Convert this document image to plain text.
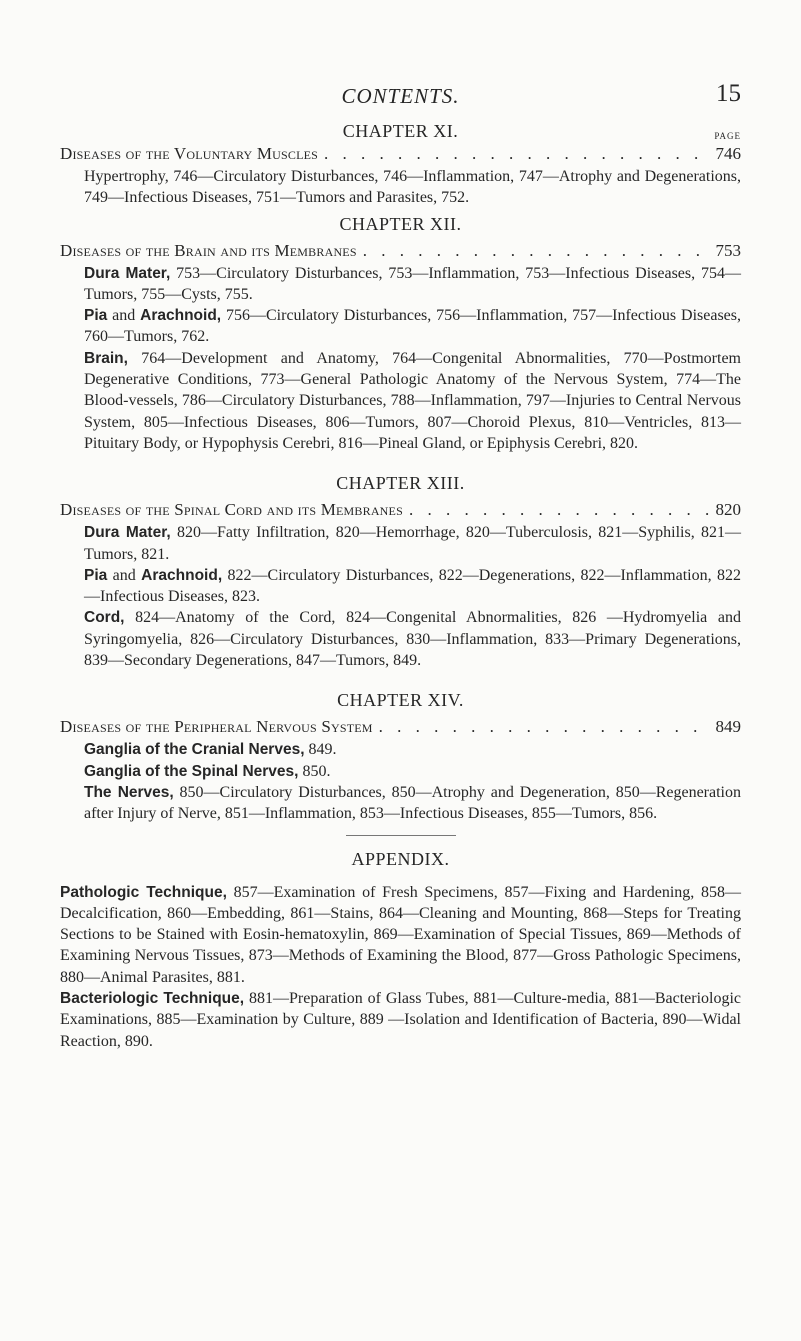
CONTENTS.	15

CHAPTER XI.	PAGE
Diseases of the Voluntary Muscles . . .	746

Hypertrophy, 746—Circulatory Disturbances, 746—Inflammation, 747—Atrophy and Degenerations, 749—Infectious Diseases, 751—Tumors and Parasites, 752.

CHAPTER XII.

Diseases of the Brain and its Membranes . . .	753

Dura Mater, 753—Circulatory Disturbances, 753—Inflammation, 753—Infectious Diseases, 754—Tumors, 755—Cysts, 755.

Pia and Arachnoid, 756—Circulatory Disturbances, 756—Inflammation, 757—Infectious Diseases, 760—Tumors, 762.

Brain, 764—Development and Anatomy, 764—Congenital Abnormalities, 770—Postmortem Degenerative Conditions, 773—General Pathologic Anatomy of the Nervous System, 774—The Blood-vessels, 786—Circulatory Disturbances, 788—Inflammation, 797—Injuries to Central Nervous System, 805—Infectious Diseases, 806—Tumors, 807—Choroid Plexus, 810—Ventricles, 813—Pituitary Body, or Hypophysis Cerebri, 816—Pineal Gland, or Epiphysis Cerebri, 820.

CHAPTER XIII.

Diseases of the Spinal Cord and its Membranes . . .	820

Dura Mater, 820—Fatty Infiltration, 820—Hemorrhage, 820—Tuberculosis, 821—Syphilis, 821—Tumors, 821.

Pia and Arachnoid, 822—Circulatory Disturbances, 822—Degenerations, 822—Inflammation, 822—Infectious Diseases, 823.

Cord, 824—Anatomy of the Cord, 824—Congenital Abnormalities, 826 —Hydromyelia and Syringomyelia, 826—Circulatory Disturbances, 830—Inflammation, 833—Primary Degenerations, 839—Secondary Degenerations, 847—Tumors, 849.

CHAPTER XIV.

Diseases of the Peripheral Nervous System . . .	849

Ganglia of the Cranial Nerves, 849.

Ganglia of the Spinal Nerves, 850.

The Nerves, 850—Circulatory Disturbances, 850—Atrophy and Degeneration, 850—Regeneration after Injury of Nerve, 851—Inflammation, 853—Infectious Diseases, 855—Tumors, 856.

APPENDIX.

Pathologic Technique, 857—Examination of Fresh Specimens, 857—Fixing and Hardening, 858—Decalcification, 860—Embedding, 861—Stains, 864—Cleaning and Mounting, 868—Steps for Treating Sections to be Stained with Eosin-hematoxylin, 869—Examination of Special Tissues, 869—Methods of Examining Nervous Tissues, 873—Methods of Examining the Blood, 877—Gross Pathologic Specimens, 880—Animal Parasites, 881.

Bacteriologic Technique, 881—Preparation of Glass Tubes, 881—Culture-media, 881—Bacteriologic Examinations, 885—Examination by Culture, 889 —Isolation and Identification of Bacteria, 890—Widal Reaction, 890.
